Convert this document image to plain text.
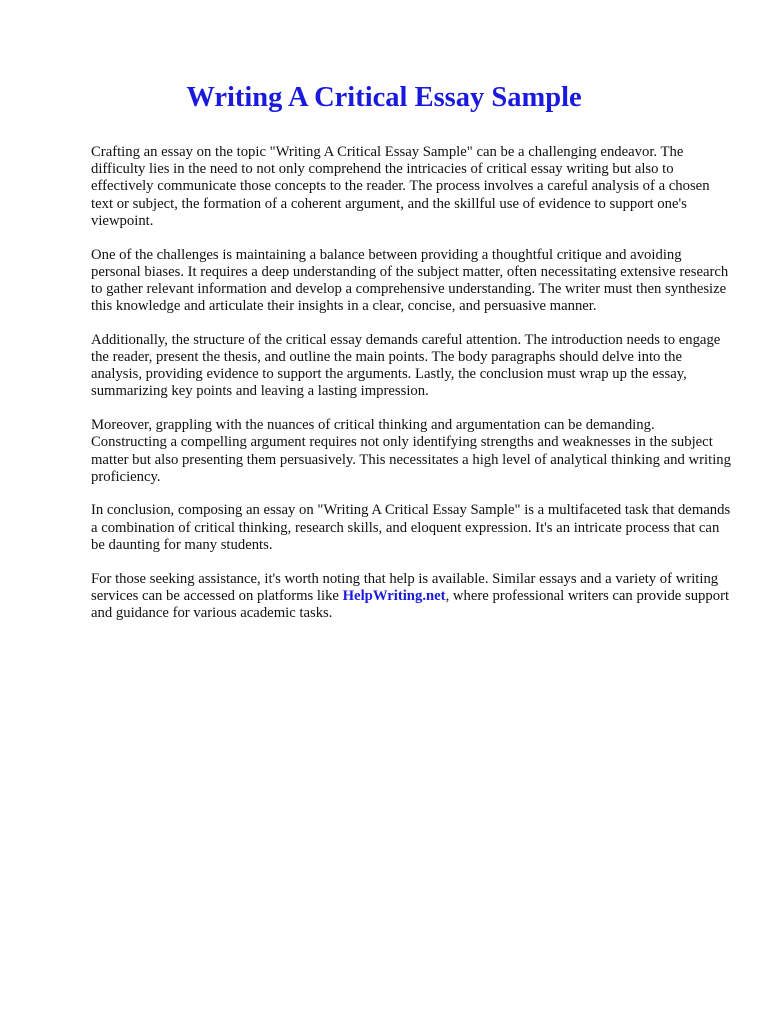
Writing A Critical Essay Sample

Crafting an essay on the topic "Writing A Critical Essay Sample" can be a challenging endeavor. The difficulty lies in the need to not only comprehend the intricacies of critical essay writing but also to effectively communicate those concepts to the reader. The process involves a careful analysis of a chosen text or subject, the formation of a coherent argument, and the skillful use of evidence to support one's viewpoint.

One of the challenges is maintaining a balance between providing a thoughtful critique and avoiding personal biases. It requires a deep understanding of the subject matter, often necessitating extensive research to gather relevant information and develop a comprehensive understanding. The writer must then synthesize this knowledge and articulate their insights in a clear, concise, and persuasive manner.

Additionally, the structure of the critical essay demands careful attention. The introduction needs to engage the reader, present the thesis, and outline the main points. The body paragraphs should delve into the analysis, providing evidence to support the arguments. Lastly, the conclusion must wrap up the essay, summarizing key points and leaving a lasting impression.

Moreover, grappling with the nuances of critical thinking and argumentation can be demanding. Constructing a compelling argument requires not only identifying strengths and weaknesses in the subject matter but also presenting them persuasively. This necessitates a high level of analytical thinking and writing proficiency.

In conclusion, composing an essay on "Writing A Critical Essay Sample" is a multifaceted task that demands a combination of critical thinking, research skills, and eloquent expression. It's an intricate process that can be daunting for many students.

For those seeking assistance, it's worth noting that help is available. Similar essays and a variety of writing services can be accessed on platforms like HelpWriting.net, where professional writers can provide support and guidance for various academic tasks.
